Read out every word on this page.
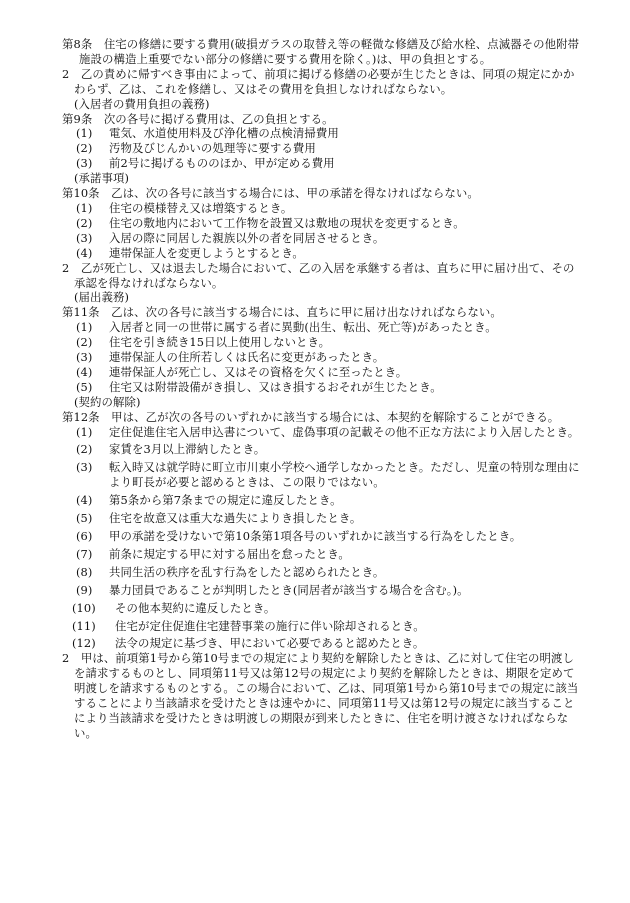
第8条　住宅の修繕に要する費用(破損ガラスの取替え等の軽微な修繕及び給水栓、点滅器その他附帯施設の構造上重要でない部分の修繕に要する費用を除く。)は、甲の負担とする。

2　乙の責めに帰すべき事由によって、前項に掲げる修繕の必要が生じたときは、同項の規定にかかわらず、乙は、これを修繕し、又はその費用を負担しなければならない。

(入居者の費用負担の義務)

第9条　次の各号に掲げる費用は、乙の負担とする。

(1) 電気、水道使用料及び浄化槽の点検清掃費用
(2) 汚物及びじんかいの処理等に要する費用
(3) 前2号に掲げるもののほか、甲が定める費用

(承諾事項)

第10条　乙は、次の各号に該当する場合には、甲の承諾を得なければならない。

(1) 住宅の模様替え又は増築するとき。
(2) 住宅の敷地内において工作物を設置又は敷地の現状を変更するとき。
(3) 入居の際に同居した親族以外の者を同居させるとき。
(4) 連帯保証人を変更しようとするとき。

2　乙が死亡し、又は退去した場合において、乙の入居を承継する者は、直ちに甲に届け出て、その承認を得なければならない。

(届出義務)

第11条　乙は、次の各号に該当する場合には、直ちに甲に届け出なければならない。

(1) 入居者と同一の世帯に属する者に異動(出生、転出、死亡等)があったとき。
(2) 住宅を引き続き15日以上使用しないとき。
(3) 連帯保証人の住所若しくは氏名に変更があったとき。
(4) 連帯保証人が死亡し、又はその資格を欠くに至ったとき。
(5) 住宅又は附帯設備がき損し、又はき損するおそれが生じたとき。

(契約の解除)

第12条　甲は、乙が次の各号のいずれかに該当する場合には、本契約を解除することができる。

(1) 定住促進住宅入居申込書について、虚偽事項の記載その他不正な方法により入居したとき。
(2) 家賃を3月以上滞納したとき。
(3) 転入時又は就学時に町立市川東小学校へ通学しなかったとき。ただし、児童の特別な理由により町長が必要と認めるときは、この限りではない。
(4) 第5条から第7条までの規定に違反したとき。
(5) 住宅を故意又は重大な過失によりき損したとき。
(6) 甲の承諾を受けないで第10条第1項各号のいずれかに該当する行為をしたとき。
(7) 前条に規定する甲に対する届出を怠ったとき。
(8) 共同生活の秩序を乱す行為をしたと認められたとき。
(9) 暴力団員であることが判明したとき(同居者が該当する場合を含む。)。
(10) その他本契約に違反したとき。
(11) 住宅が定住促進住宅建替事業の施行に伴い除却されるとき。
(12) 法令の規定に基づき、甲において必要であると認めたとき。

2　甲は、前項第1号から第10号までの規定により契約を解除したときは、乙に対して住宅の明渡しを請求するものとし、同項第11号又は第12号の規定により契約を解除したときは、期限を定めて明渡しを請求するものとする。この場合において、乙は、同項第1号から第10号までの規定に該当することにより当該請求を受けたときは速やかに、同項第11号又は第12号の規定に該当することにより当該請求を受けたときは明渡しの期限が到来したときに、住宅を明け渡さなければならない。
